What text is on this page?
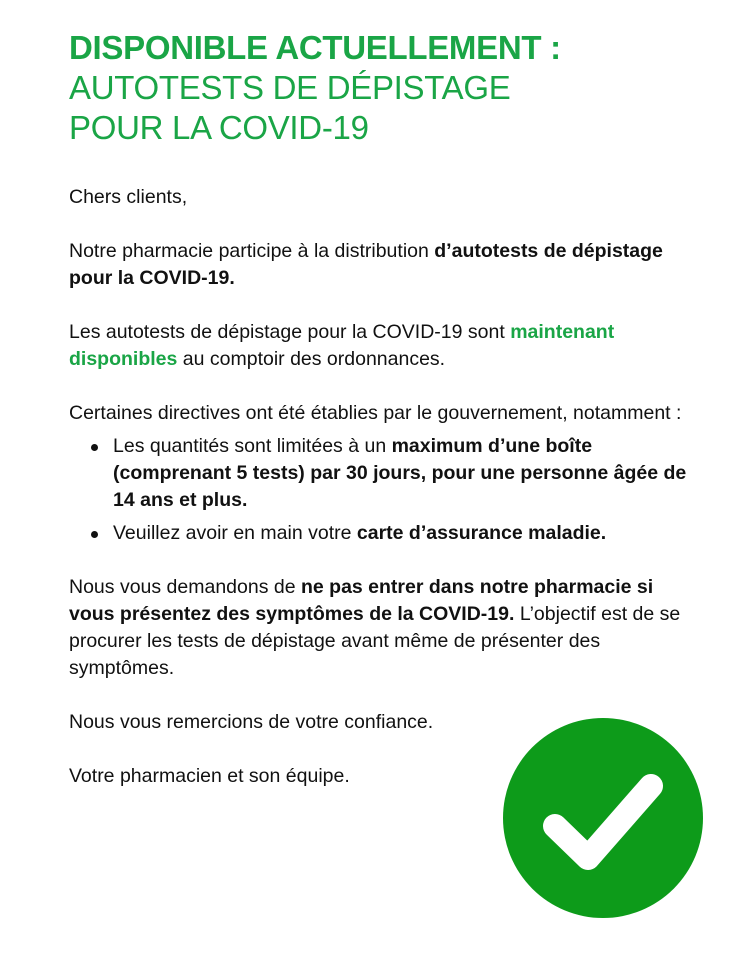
DISPONIBLE ACTUELLEMENT :
AUTOTESTS DE DÉPISTAGE
POUR LA COVID-19

Chers clients,

Notre pharmacie participe à la distribution d’autotests de dépistage pour la COVID-19.

Les autotests de dépistage pour la COVID-19 sont maintenant disponibles au comptoir des ordonnances.

Certaines directives ont été établies par le gouvernement, notamment :

Les quantités sont limitées à un maximum d’une boîte (comprenant 5 tests) par 30 jours, pour une personne âgée de 14 ans et plus.
Veuillez avoir en main votre carte d’assurance maladie.

Nous vous demandons de ne pas entrer dans notre pharmacie si vous présentez des symptômes de la COVID-19. L’objectif est de se procurer les tests de dépistage avant même de présenter des symptômes.

Nous vous remercions de votre confiance.

Votre pharmacien et son équipe.
